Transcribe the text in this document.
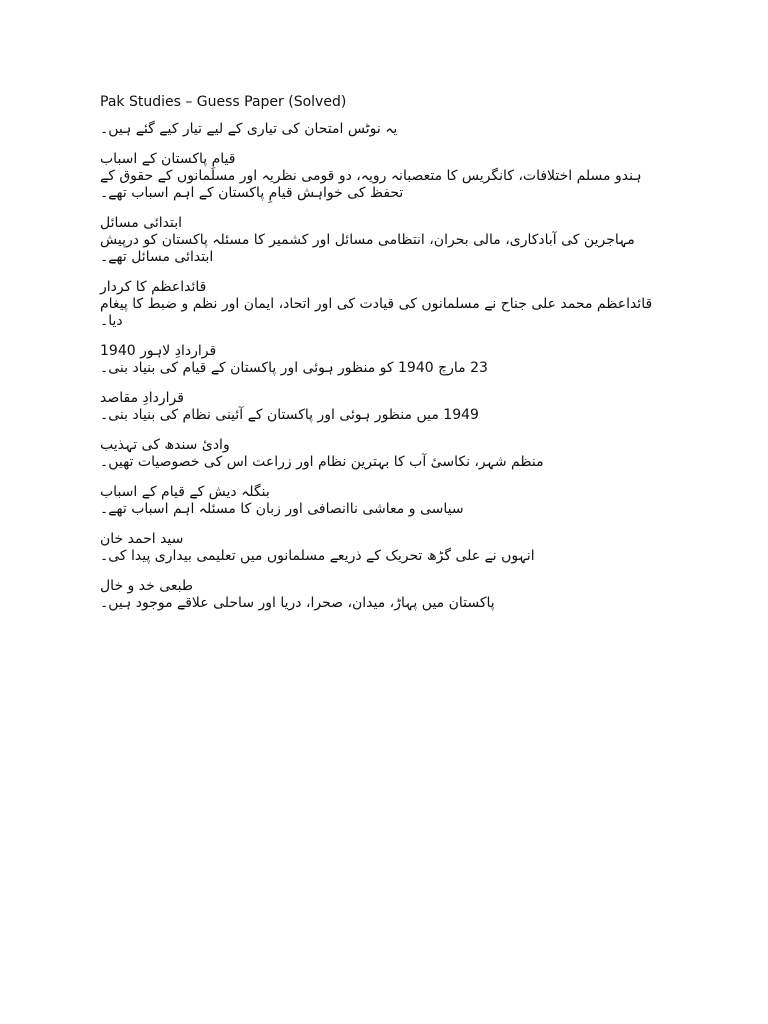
Pak Studies – Guess Paper (Solved)

یہ نوٹس امتحان کی تیاری کے لیے تیار کیے گئے ہیں۔

قیامِ پاکستان کے اسباب

ہندو مسلم اختلافات، کانگریس کا متعصبانہ رویہ، دو قومی نظریہ اور مسلمانوں کے حقوق کے تحفظ کی خواہش قیامِ پاکستان کے اہم اسباب تھے۔

ابتدائی مسائل

مہاجرین کی آبادکاری، مالی بحران، انتظامی مسائل اور کشمیر کا مسئلہ پاکستان کو درپیش ابتدائی مسائل تھے۔

قائداعظم کا کردار

قائداعظم محمد علی جناح نے مسلمانوں کی قیادت کی اور اتحاد، ایمان اور نظم و ضبط کا پیغام دیا۔

قراردادِ لاہور 1940

23 مارچ 1940 کو منظور ہوئی اور پاکستان کے قیام کی بنیاد بنی۔

قراردادِ مقاصد

1949 میں منظور ہوئی اور پاکستان کے آئینی نظام کی بنیاد بنی۔

وادیٔ سندھ کی تہذیب

منظم شہر، نکاسیٔ آب کا بہترین نظام اور زراعت اس کی خصوصیات تھیں۔

بنگلہ دیش کے قیام کے اسباب

سیاسی و معاشی ناانصافی اور زبان کا مسئلہ اہم اسباب تھے۔

سید احمد خان

انہوں نے علی گڑھ تحریک کے ذریعے مسلمانوں میں تعلیمی بیداری پیدا کی۔

طبعی خد و خال

پاکستان میں پہاڑ، میدان، صحرا، دریا اور ساحلی علاقے موجود ہیں۔
